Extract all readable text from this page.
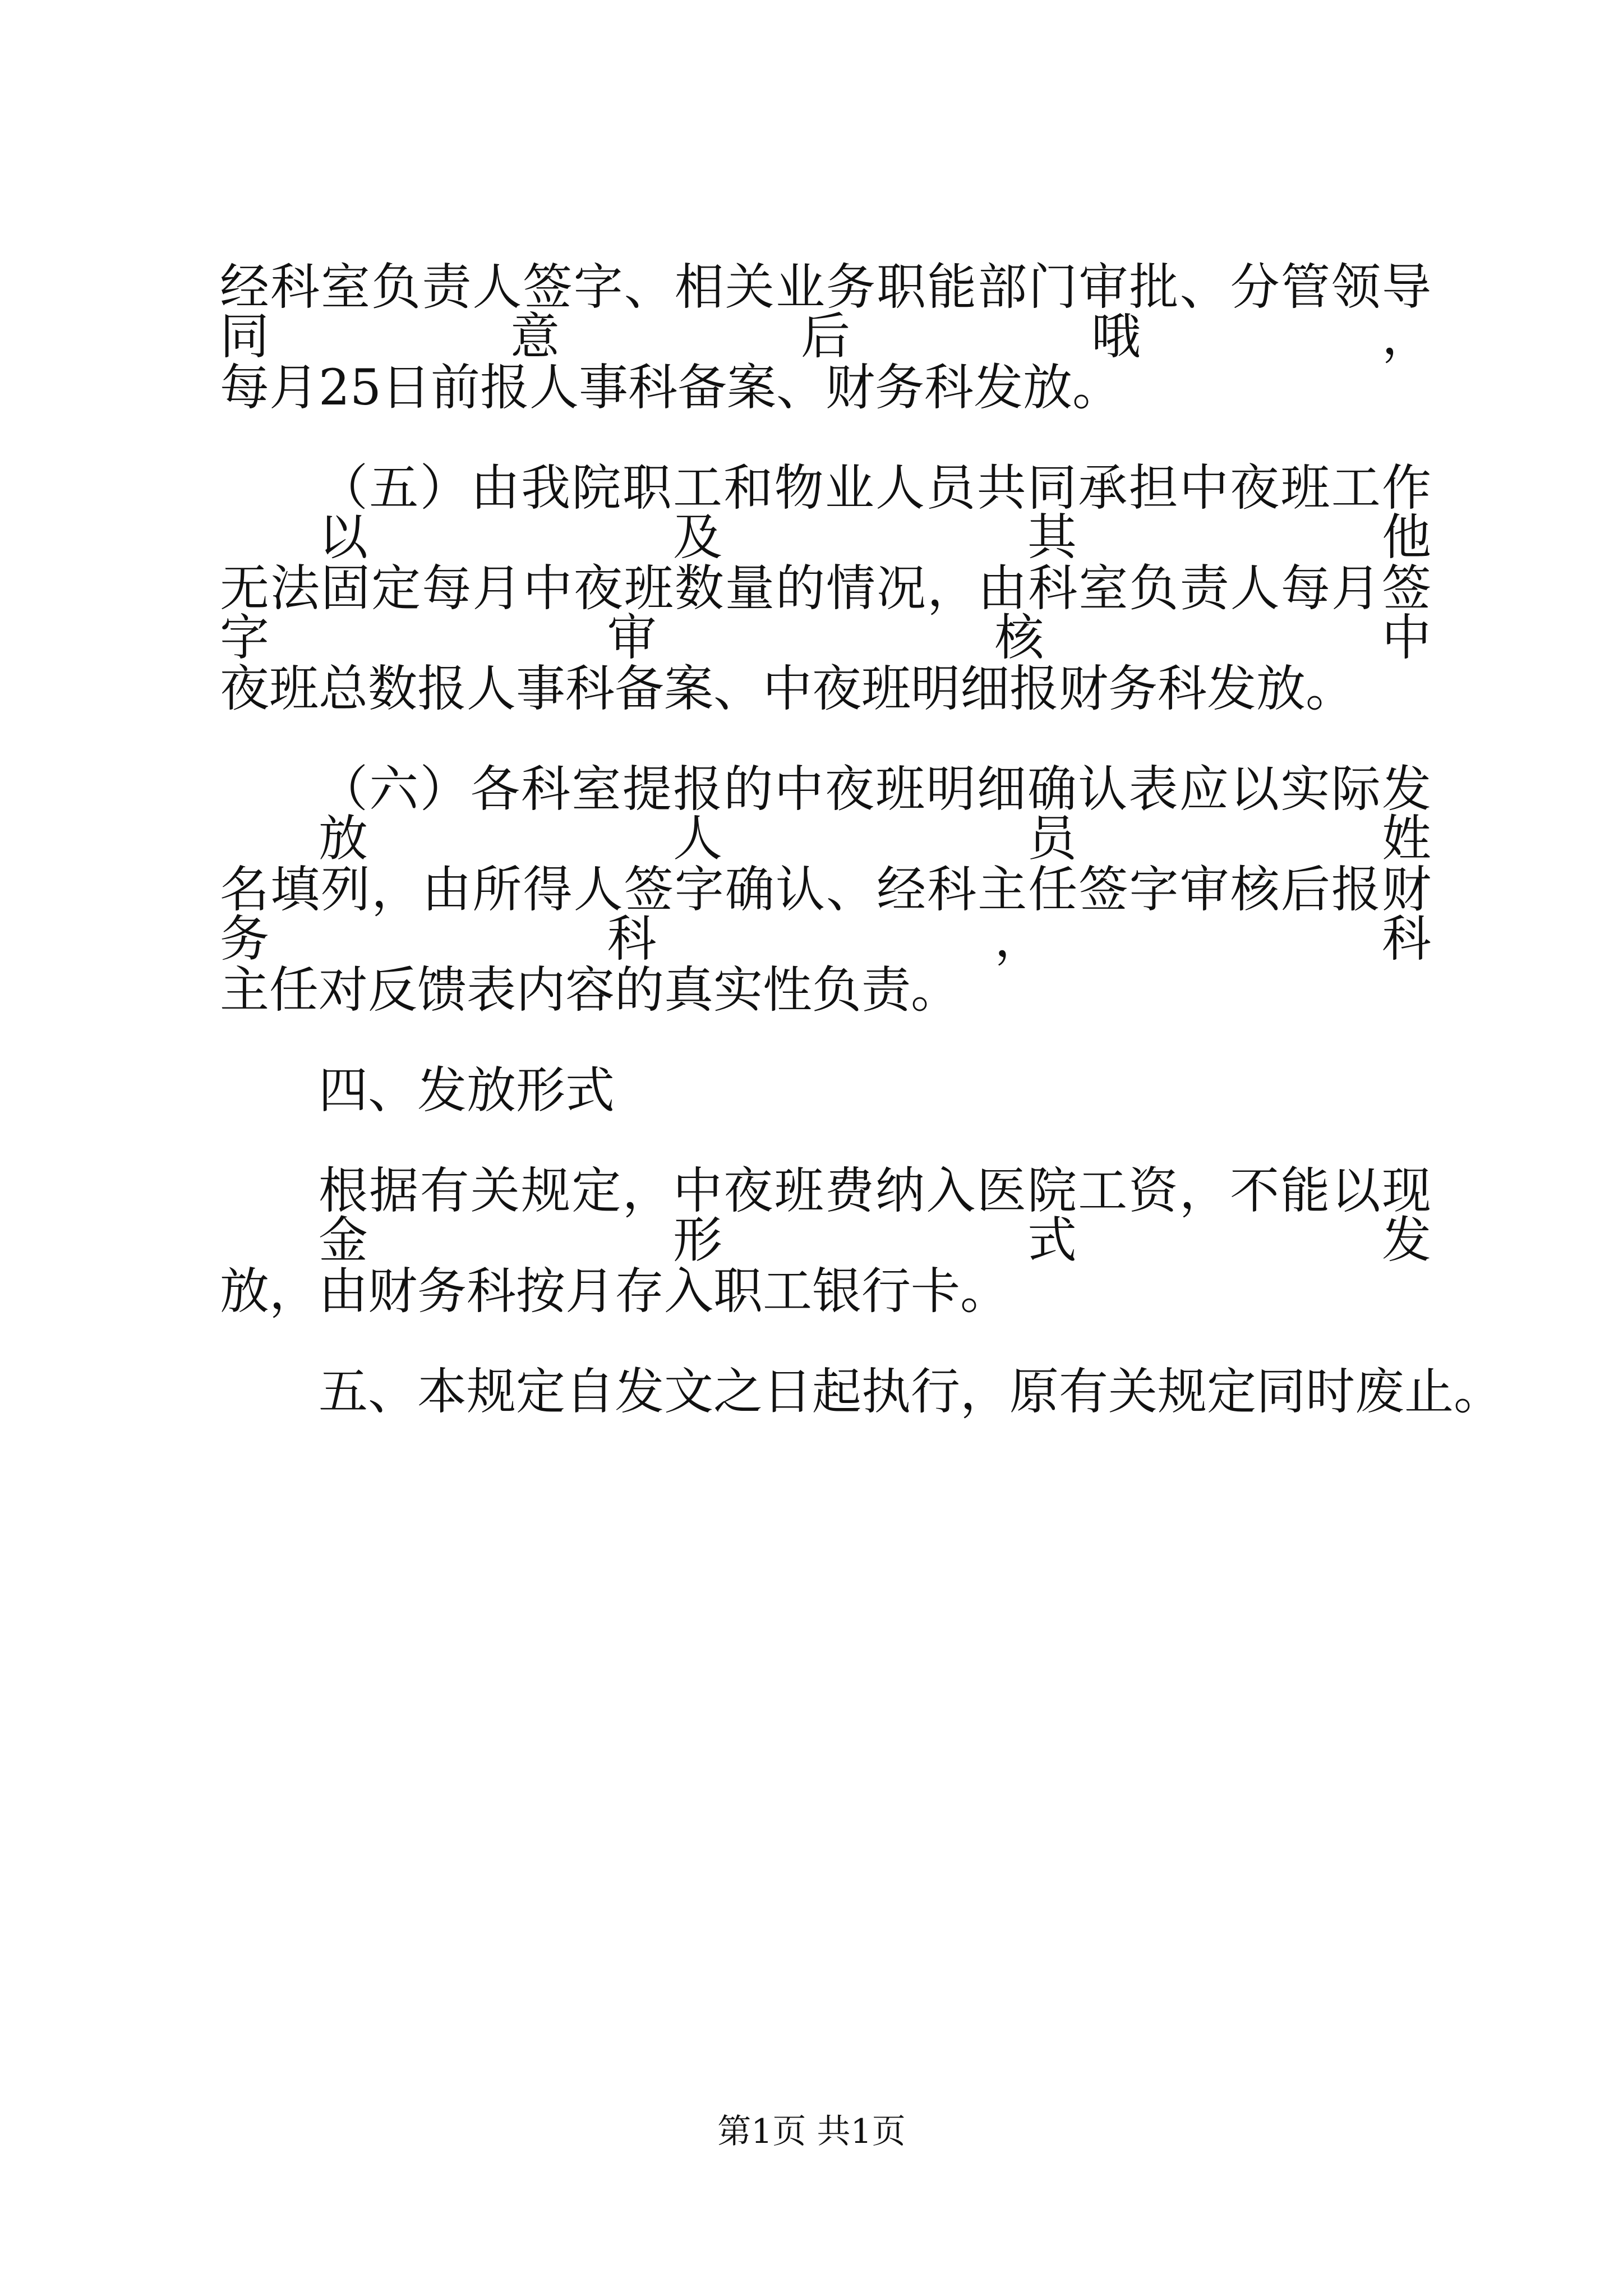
经科室负责人签字、相关业务职能部门审批、分管领导同意后哦，
每月25日前报人事科备案、财务科发放。
（五）由我院职工和物业人员共同承担中夜班工作以及其他
无法固定每月中夜班数量的情况，由科室负责人每月签字审核中
夜班总数报人事科备案、中夜班明细报财务科发放。
（六）各科室提报的中夜班明细确认表应以实际发放人员姓
名填列，由所得人签字确认、经科主任签字审核后报财务科，科
主任对反馈表内容的真实性负责。
四、发放形式
根据有关规定，中夜班费纳入医院工资，不能以现金形式发
放，由财务科按月存入职工银行卡。
五、本规定自发文之日起执行，原有关规定同时废止。
第1页 共1页
